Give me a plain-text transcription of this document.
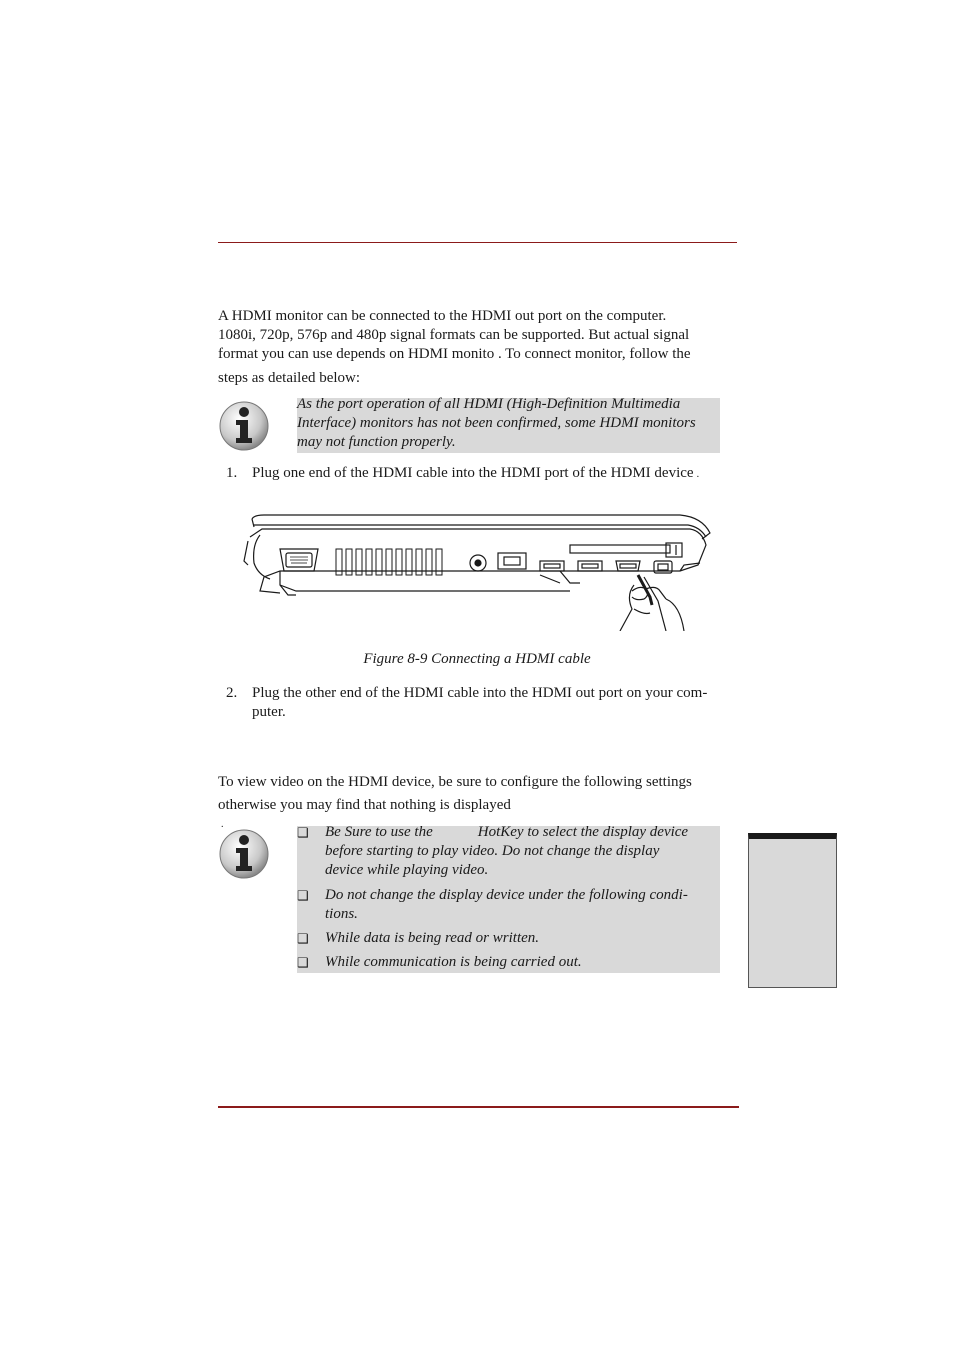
A HDMI monitor can be connected to the HDMI out port on the computer.
1080i, 720p, 576p and 480p signal formats can be supported. But actual signal
format you can use depends on HDMI monito . To connect monitor, follow the
steps as detailed below:

As the port operation of all HDMI (High-Definition Multimedia
Interface) monitors has not been confirmed, some HDMI monitors
may not function properly.
1. Plug one end of the HDMI cable into the HDMI port of the HDMI device .
Figure 8-9 Connecting a HDMI cable
2. Plug the other end of the HDMI cable into the HDMI out port on your com-
puter.

To view video on the HDMI device, be sure to configure the following settings
otherwise you may find that nothing is displayed
.

❑ Be Sure to use the            HotKey to select the display device
before starting to play video. Do not change the display
device while playing video.
❑ Do not change the display device under the following condi-
tions.
❑ While data is being read or written.
❑ While communication is being carried out.
